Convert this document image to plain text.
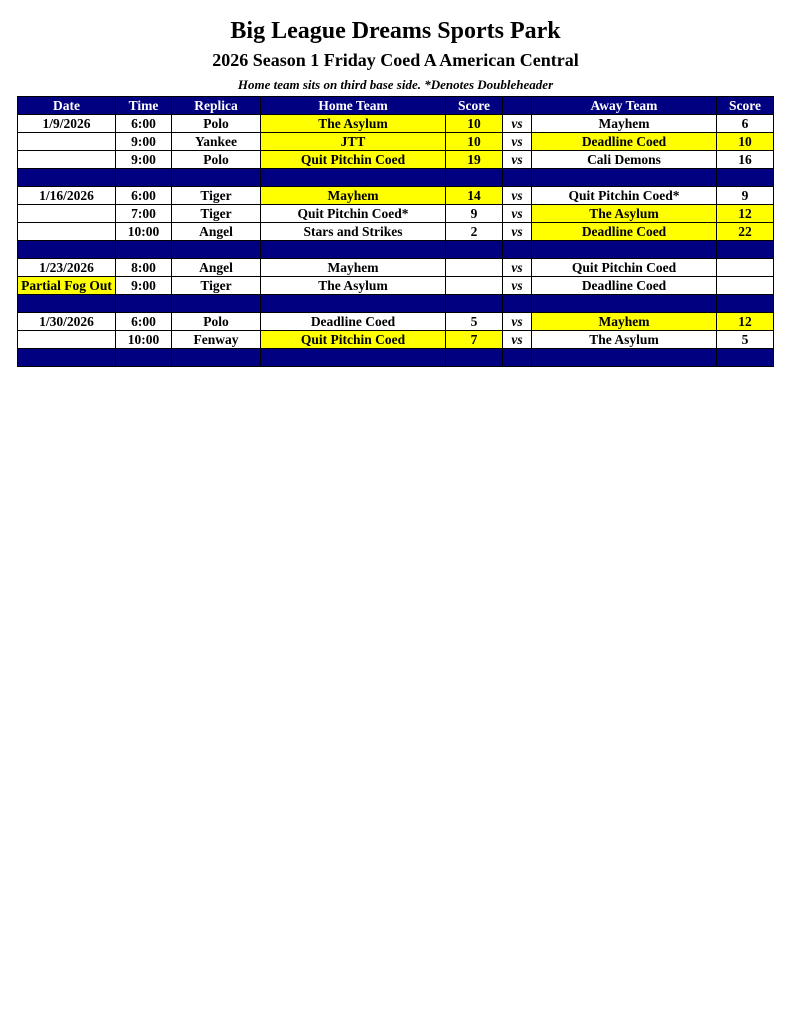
Big League Dreams Sports Park
2026 Season 1 Friday Coed A American Central
Home team sits on third base side. *Denotes Doubleheader
Date	Time	Replica	Home Team	Score		Away Team	Score
1/9/2026	6:00	Polo	The Asylum	10	vs	Mayhem	6
	9:00	Yankee	JTT	10	vs	Deadline Coed	10
	9:00	Polo	Quit Pitchin Coed	19	vs	Cali Demons	16

1/16/2026	6:00	Tiger	Mayhem	14	vs	Quit Pitchin Coed*	9
	7:00	Tiger	Quit Pitchin Coed*	9	vs	The Asylum	12
	10:00	Angel	Stars and Strikes	2	vs	Deadline Coed	22

1/23/2026	8:00	Angel	Mayhem		vs	Quit Pitchin Coed	
Partial Fog Out	9:00	Tiger	The Asylum		vs	Deadline Coed	

1/30/2026	6:00	Polo	Deadline Coed	5	vs	Mayhem	12
	10:00	Fenway	Quit Pitchin Coed	7	vs	The Asylum	5
